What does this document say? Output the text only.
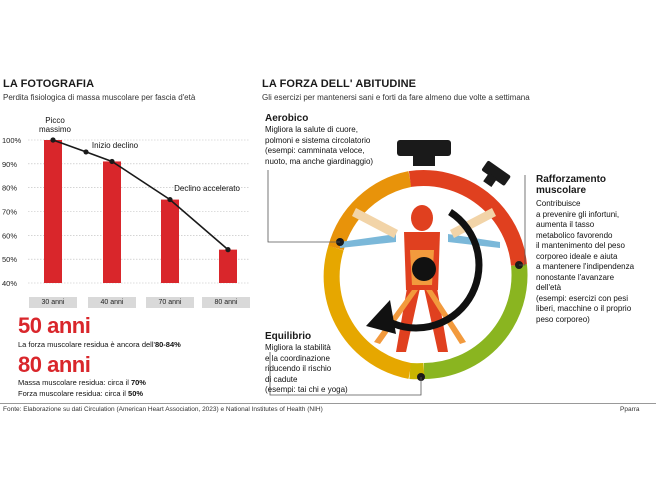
LA FOTOGRAFIA
Perdita fisiologica di massa muscolare per fascia d'età
100%
90%
80%
70%
60%
50%
40%
Picco massimo
Inizio declino
Declino accelerato
30 anni	40 anni	70 anni	80 anni
50 anni
La forza muscolare residua è ancora dell'80-84%
80 anni
Massa muscolare residua: circa il 70%
Forza muscolare residua: circa il 50%
LA FORZA DELL' ABITUDINE
Gli esercizi per mantenersi sani e forti da fare almeno due volte a settimana
Aerobico
Migliora la salute di cuore,
polmoni e sistema circolatorio
(esempi: camminata veloce,
nuoto, ma anche giardinaggio)
Rafforzamento
muscolare
Contribuisce
a prevenire gli infortuni,
aumenta il tasso
metabolico favorendo
il mantenimento del peso
corporeo ideale e aiuta
a mantenere l'indipendenza
nonostante l'avanzare
dell'età
(esempi: esercizi con pesi
liberi, macchine o il proprio
peso corporeo)
Equilibrio
Migliora la stabilità
e la coordinazione
riducendo il rischio
di cadute
(esempi: tai chi e yoga)
Fonte: Elaborazione su dati Circulation (American Heart Association, 2023) e National Institutes of Health (NIH)	Pparra
